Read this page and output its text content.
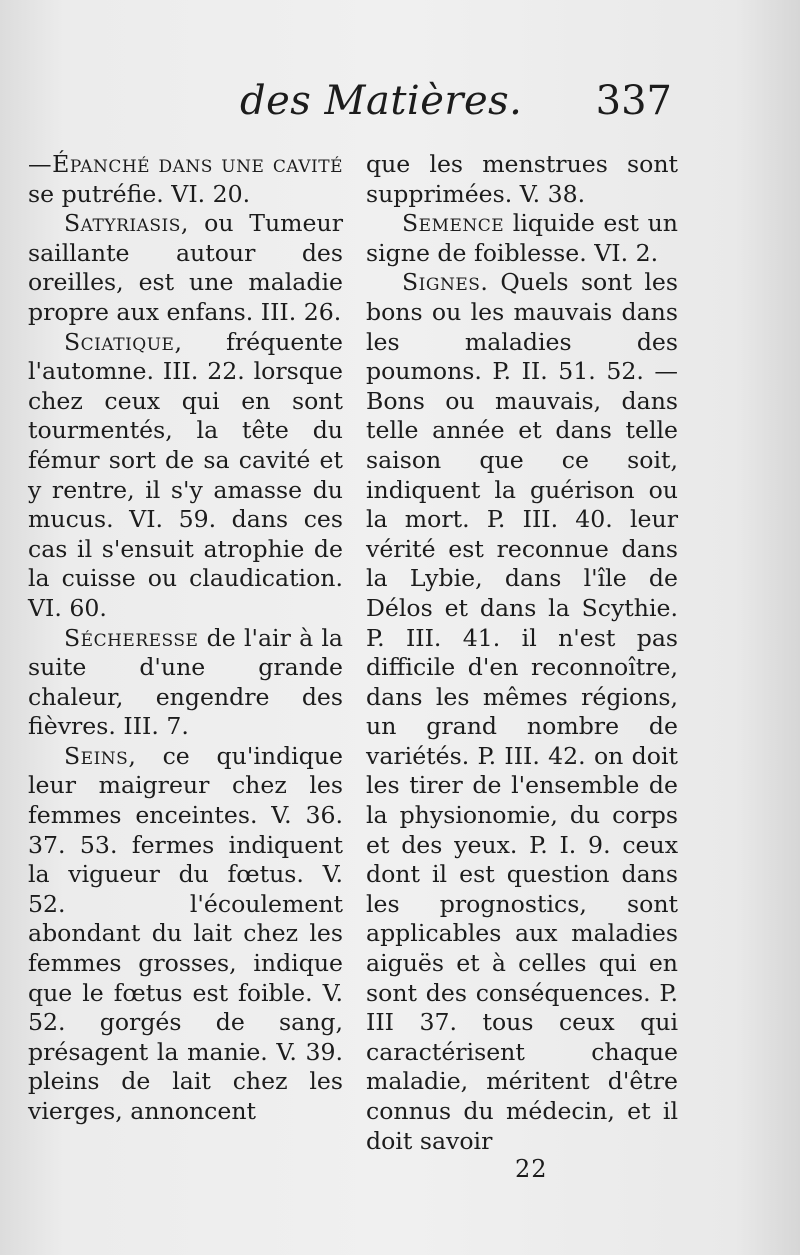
des Matières. 337

—Épanché dans une cavité se putréfie. VI. 20.

Satyriasis, ou Tumeur saillante autour des oreilles, est une maladie propre aux enfans. III. 26.

Sciatique, fréquente l'automne. III. 22. lorsque chez ceux qui en sont tourmentés, la tête du fémur sort de sa cavité et y rentre, il s'y amasse du mucus. VI. 59. dans ces cas il s'ensuit atrophie de la cuisse ou claudication. VI. 60.

Sécheresse de l'air à la suite d'une grande chaleur, engendre des fièvres. III. 7.

Seins, ce qu'indique leur maigreur chez les femmes enceintes. V. 36. 37. 53. fermes indiquent la vigueur du fœtus. V. 52. l'écoulement abondant du lait chez les femmes grosses, indique que le fœtus est foible. V. 52. gorgés de sang, présagent la manie. V. 39. pleins de lait chez les vierges, annoncent

que les menstrues sont supprimées. V. 38.

Semence liquide est un signe de foiblesse. VI. 2.

Signes. Quels sont les bons ou les mauvais dans les maladies des poumons. P. II. 51. 52. — Bons ou mauvais, dans telle année et dans telle saison que ce soit, indiquent la guérison ou la mort. P. III. 40. leur vérité est reconnue dans la Lybie, dans l'île de Délos et dans la Scythie. P. III. 41. il n'est pas difficile d'en reconnoître, dans les mêmes régions, un grand nombre de variétés. P. III. 42. on doit les tirer de l'ensemble de la physionomie, du corps et des yeux. P. I. 9. ceux dont il est question dans les prognostics, sont applicables aux maladies aiguës et à celles qui en sont des conséquences. P. III 37. tous ceux qui caractérisent chaque maladie, méritent d'être connus du médecin, et il doit savoir

22
